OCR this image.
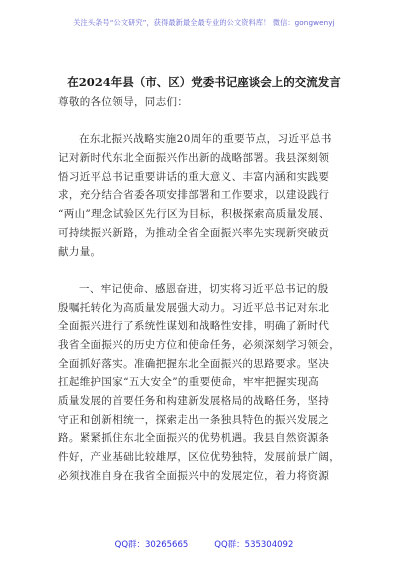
关注头条号“公文研究”，获得最新最全最专业的公文资料库！ 微信：gongwenyj
在2024年县（市、区）党委书记座谈会上的交流发言
尊敬的各位领导，同志们：
在东北振兴战略实施20周年的重要节点，习近平总书
记对新时代东北全面振兴作出新的战略部署。我县深刻领
悟习近平总书记重要讲话的重大意义、丰富内涵和实践要
求，充分结合省委各项安排部署和工作要求，以建设践行
“两山”理念试验区先行区为目标，积极探索高质量发展、
可持续振兴新路，为推动全省全面振兴率先实现新突破贡
献力量。
一、牢记使命、感恩奋进，切实将习近平总书记的殷
殷嘱托转化为高质量发展强大动力。习近平总书记对东北
全面振兴进行了系统性谋划和战略性安排，明确了新时代
我省全面振兴的历史方位和使命任务，必须深刻学习领会，
全面抓好落实。准确把握东北全面振兴的思路要求。坚决
扛起维护国家“五大安全”的重要使命，牢牢把握实现高
质量发展的首要任务和构建新发展格局的战略任务，坚持
守正和创新相统一，探索走出一条独具特色的振兴发展之
路。紧紧抓住东北全面振兴的优势机遇。我县自然资源条
件好，产业基础比较雄厚，区位优势独特，发展前景广阔，
必须找准自身在我省全面振兴中的发展定位，着力将资源
QQ群：30265665	QQ群：535304092
